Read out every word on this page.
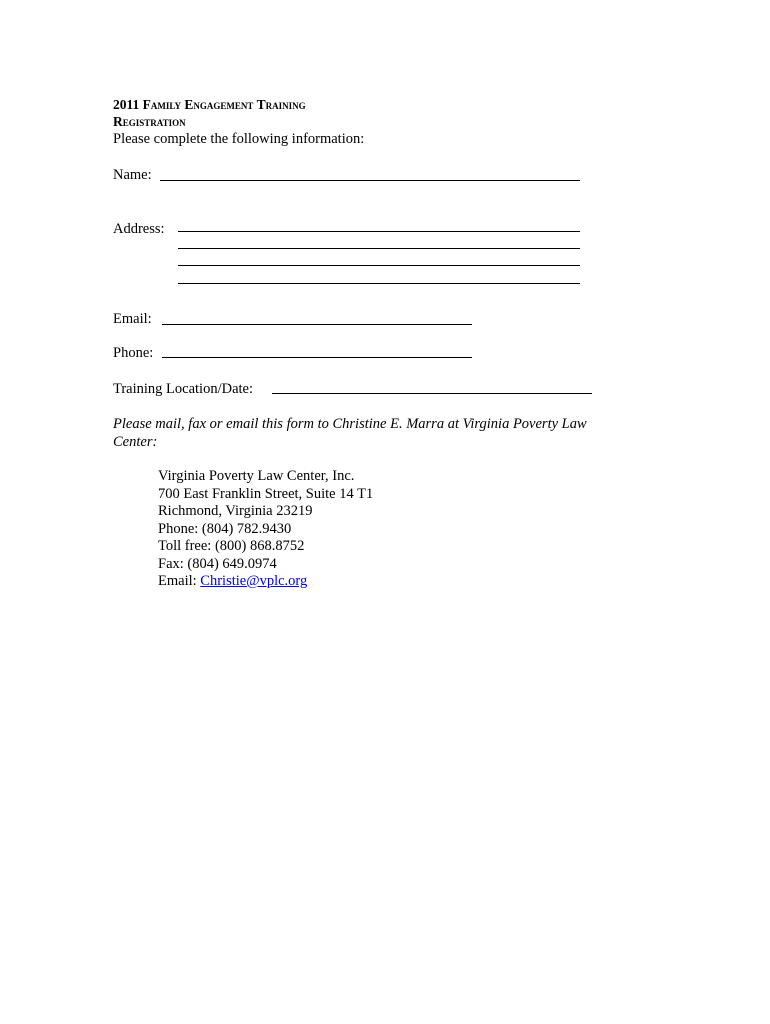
2011 Family Engagement Training
Registration
Please complete the following information:
Name:
Address:
Email:
Phone:
Training Location/Date:
Please mail, fax or email this form to Christine E. Marra at Virginia Poverty Law Center:
Virginia Poverty Law Center, Inc.
700 East Franklin Street, Suite 14 T1
Richmond, Virginia 23219
Phone: (804) 782.9430
Toll free: (800) 868.8752
Fax: (804) 649.0974
Email: Christie@vplc.org
